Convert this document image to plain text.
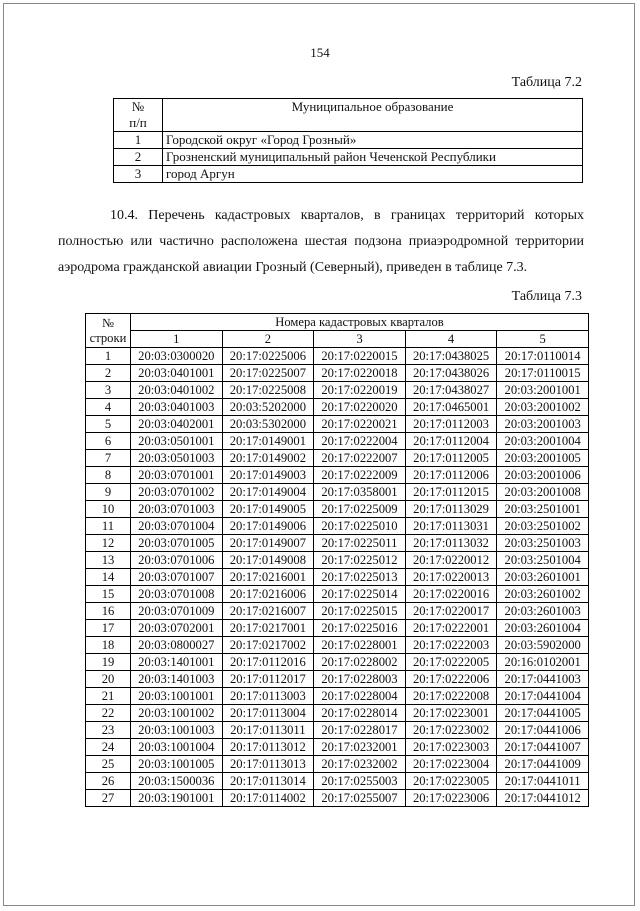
154
Таблица 7.2
№
п/п	Муниципальное образование
1	Городской округ «Город Грозный»
2	Грозненский муниципальный район Чеченской Республики
3	город Аргун
10.4. Перечень кадастровых кварталов, в границах территорий которых
полностью или частично расположена шестая подзона приаэродромной территории
аэродрома гражданской авиации Грозный (Северный), приведен в таблице 7.3.
Таблица 7.3
№
строки	Номера кадастровых кварталов				
	1	2	3	4	5
1	20:03:0300020	20:17:0225006	20:17:0220015	20:17:0438025	20:17:0110014
2	20:03:0401001	20:17:0225007	20:17:0220018	20:17:0438026	20:17:0110015
3	20:03:0401002	20:17:0225008	20:17:0220019	20:17:0438027	20:03:2001001
4	20:03:0401003	20:03:5202000	20:17:0220020	20:17:0465001	20:03:2001002
5	20:03:0402001	20:03:5302000	20:17:0220021	20:17:0112003	20:03:2001003
6	20:03:0501001	20:17:0149001	20:17:0222004	20:17:0112004	20:03:2001004
7	20:03:0501003	20:17:0149002	20:17:0222007	20:17:0112005	20:03:2001005
8	20:03:0701001	20:17:0149003	20:17:0222009	20:17:0112006	20:03:2001006
9	20:03:0701002	20:17:0149004	20:17:0358001	20:17:0112015	20:03:2001008
10	20:03:0701003	20:17:0149005	20:17:0225009	20:17:0113029	20:03:2501001
11	20:03:0701004	20:17:0149006	20:17:0225010	20:17:0113031	20:03:2501002
12	20:03:0701005	20:17:0149007	20:17:0225011	20:17:0113032	20:03:2501003
13	20:03:0701006	20:17:0149008	20:17:0225012	20:17:0220012	20:03:2501004
14	20:03:0701007	20:17:0216001	20:17:0225013	20:17:0220013	20:03:2601001
15	20:03:0701008	20:17:0216006	20:17:0225014	20:17:0220016	20:03:2601002
16	20:03:0701009	20:17:0216007	20:17:0225015	20:17:0220017	20:03:2601003
17	20:03:0702001	20:17:0217001	20:17:0225016	20:17:0222001	20:03:2601004
18	20:03:0800027	20:17:0217002	20:17:0228001	20:17:0222003	20:03:5902000
19	20:03:1401001	20:17:0112016	20:17:0228002	20:17:0222005	20:16:0102001
20	20:03:1401003	20:17:0112017	20:17:0228003	20:17:0222006	20:17:0441003
21	20:03:1001001	20:17:0113003	20:17:0228004	20:17:0222008	20:17:0441004
22	20:03:1001002	20:17:0113004	20:17:0228014	20:17:0223001	20:17:0441005
23	20:03:1001003	20:17:0113011	20:17:0228017	20:17:0223002	20:17:0441006
24	20:03:1001004	20:17:0113012	20:17:0232001	20:17:0223003	20:17:0441007
25	20:03:1001005	20:17:0113013	20:17:0232002	20:17:0223004	20:17:0441009
26	20:03:1500036	20:17:0113014	20:17:0255003	20:17:0223005	20:17:0441011
27	20:03:1901001	20:17:0114002	20:17:0255007	20:17:0223006	20:17:0441012
